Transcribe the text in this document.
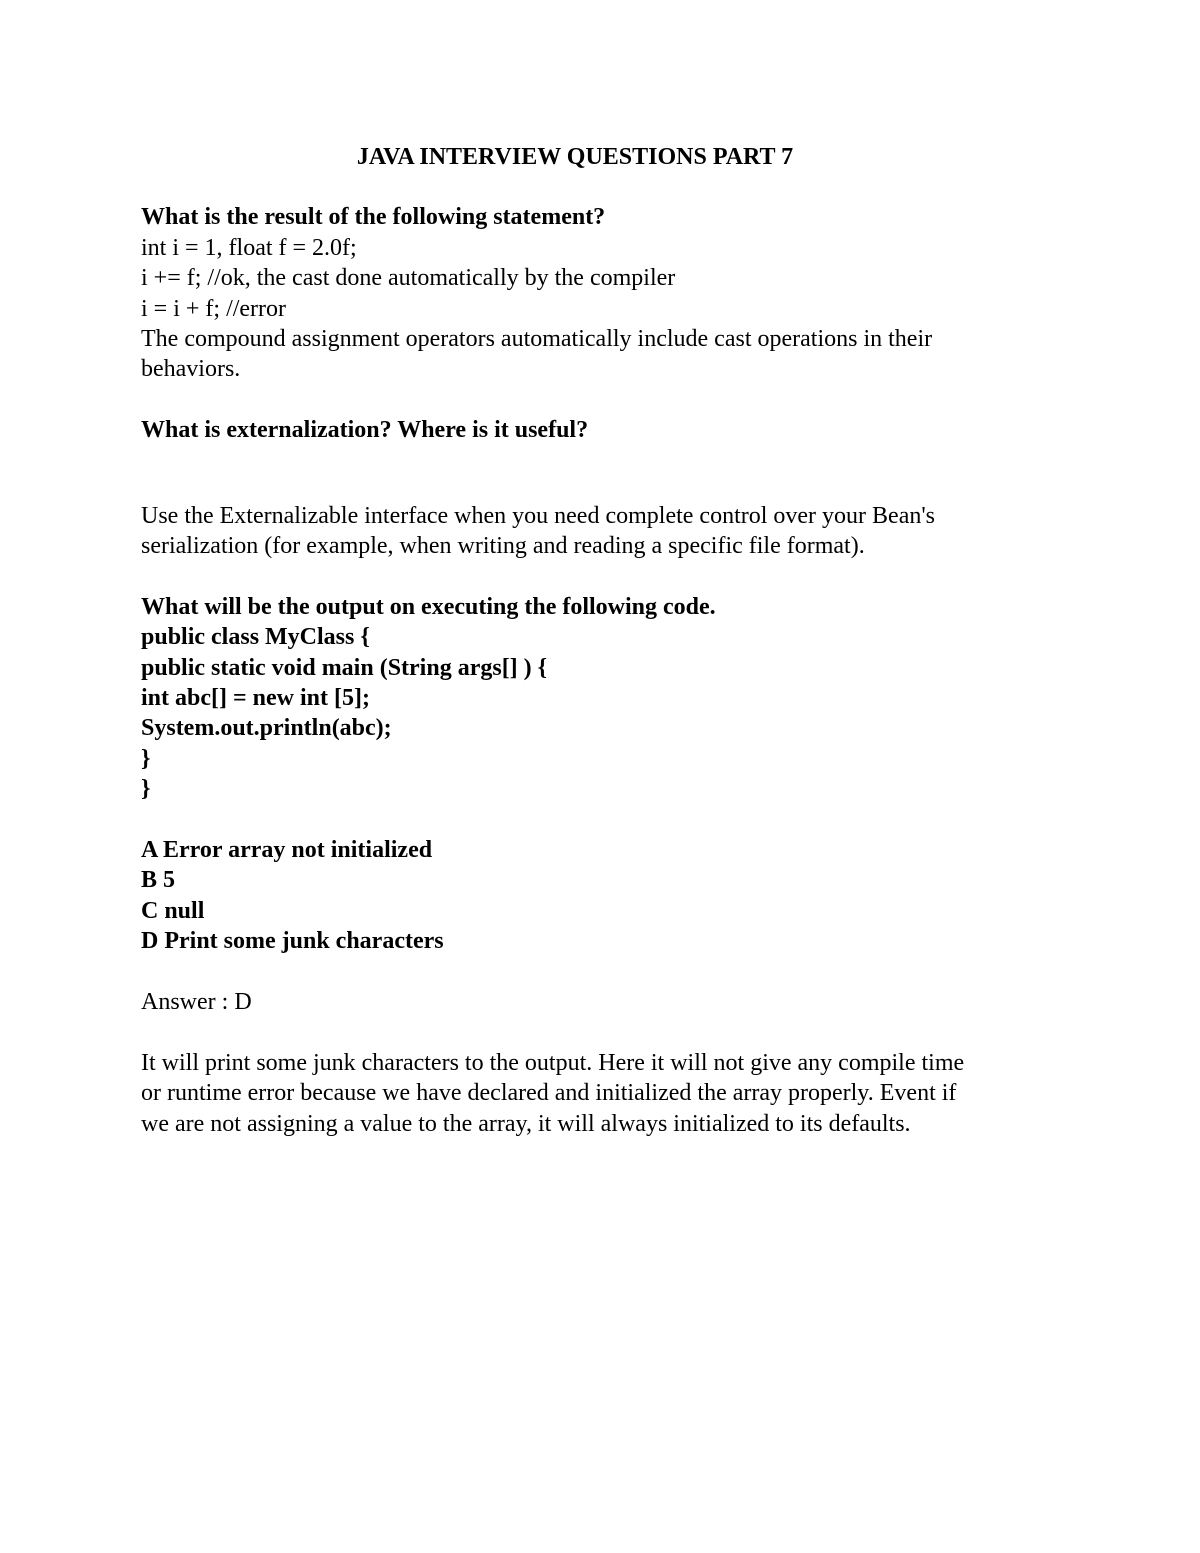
JAVA INTERVIEW QUESTIONS PART 7

What is the result of the following statement?

int i = 1, float f = 2.0f;

i += f; //ok, the cast done automatically by the compiler

i = i + f; //error

The compound assignment operators automatically include cast operations in their

behaviors.

What is externalization? Where is it useful?

Use the Externalizable interface when you need complete control over your Bean's

serialization (for example, when writing and reading a specific file format).

What will be the output on executing the following code.

public class MyClass {

public static void main (String args[] ) {

int abc[] = new int [5];

System.out.println(abc);

}

}

A Error array not initialized

B 5

C null

D Print some junk characters

Answer : D

It will print some junk characters to the output. Here it will not give any compile time

or runtime error because we have declared and initialized the array properly. Event if

we are not assigning a value to the array, it will always initialized to its defaults.
